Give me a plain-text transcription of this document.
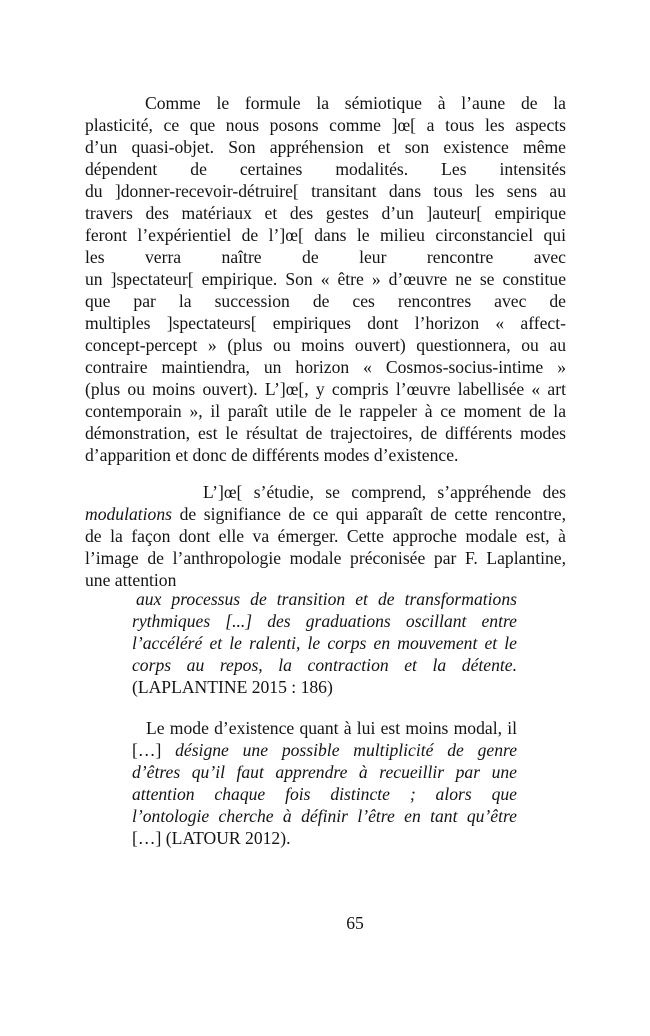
Comme le formule la sémiotique à l’aune de la
plasticité, ce que nous posons comme ]œ[ a tous les aspects
d’un quasi-objet. Son appréhension et son existence même
dépendent de certaines modalités. Les intensités
du ]donner-recevoir-détruire[ transitant dans tous les sens au
travers des matériaux et des gestes d’un ]auteur[ empirique
feront l’expérientiel de l’]œ[ dans le milieu circonstanciel qui
les verra naître de leur rencontre avec
un ]spectateur[ empirique. Son « être » d’œuvre ne se constitue
que par la succession de ces rencontres avec de
multiples ]spectateurs[ empiriques dont l’horizon « affect-
concept-percept » (plus ou moins ouvert) questionnera, ou au
contraire maintiendra, un horizon « Cosmos-socius-intime »
(plus ou moins ouvert). L’]œ[, y compris l’œuvre labellisée « art
contemporain », il paraît utile de le rappeler à ce moment de la
démonstration, est le résultat de trajectoires, de différents modes
d’apparition et donc de différents modes d’existence.
L’]œ[ s’étudie, se comprend, s’appréhende des
modulations de signifiance de ce qui apparaît de cette rencontre,
de la façon dont elle va émerger. Cette approche modale est, à
l’image de l’anthropologie modale préconisée par F. Laplantine,
une attention
aux processus de transition et de transformations
rythmiques [...] des graduations oscillant entre
l’accéléré et le ralenti, le corps en mouvement et le
corps au repos, la contraction et la détente.
(LAPLANTINE 2015 : 186)
Le mode d’existence quant à lui est moins modal, il
[…] désigne une possible multiplicité de genre
d’êtres qu’il faut apprendre à recueillir par une
attention chaque fois distincte ; alors que
l’ontologie cherche à définir l’être en tant qu’être
[…] (LATOUR 2012).
65
